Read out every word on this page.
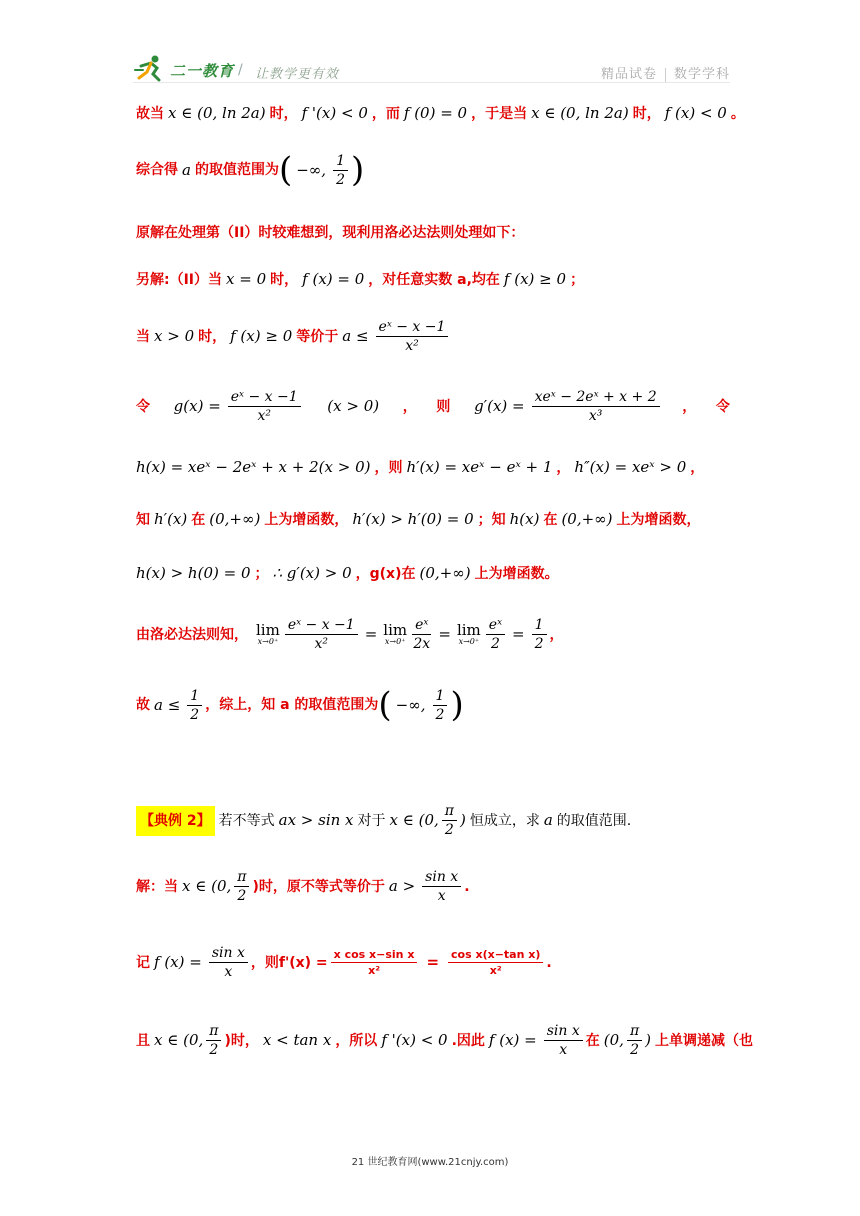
二一教育 / 让教学更有效	精品试卷 数学学科
故当 x ∈ (0, ln 2a) 时， f '(x) < 0 ，而 f (0) = 0 ，于是当 x ∈ (0, ln 2a) 时， f (x) < 0 。
综合得 a 的取值范围为 ( −∞, $\frac{1}{2}$ )
原解在处理第（II）时较难想到，现利用洛必达法则处理如下：
另解:（II）当 x = 0 时， f (x) = 0 ，对任意实数 a,均在 f (x) ≥ 0 ；
当 x > 0 时， f (x) ≥ 0 等价于 $a \le \frac{\text{eˣ − x −1}}{\text{x²}}$
令 $g(x) = \frac{\text{eˣ − x −1}}{\text{x²}} (x > 0)$ ， 则 $g'(x) = \frac{\text{xeˣ − 2eˣ + x + 2}}{\text{x³}}$ ， 令
h(x) = xeˣ − 2eˣ + x + 2(x > 0) ，则 h′(x) = xeˣ − eˣ + 1 ， h″(x) = xeˣ > 0 ，
知 h′(x) 在 (0,+∞) 上为增函数， h′(x) > h′(0) = 0 ；知 h(x) 在 (0,+∞) 上为增函数，
h(x) > h(0) = 0 ； ∴ g′(x) > 0 ， g(x)在 (0,+∞) 上为增函数。
由洛必达法则知， lim
$x\to 0^+ \frac{\text{eˣ − x −1}}{\text{x²}} = \lim$
$x\to 0^+ \frac{\text{eˣ}}{2x} = \lim$
$x\to 0^+ \frac{\text{eˣ}}{2} = \frac{1}{2}$ ，
故 $a \le \frac{1}{2}$ ，综上，知 a 的取值范围为 ( −∞, $\frac{1}{2}$ )
【典例 2】 若不等式 ax > sin x 对于 x ∈ (0, $\frac{\pi}{2}$ ) 恒成立，求 a 的取值范围.
解：当 x ∈ (0, $\frac{\pi}{2}$ )时，原不等式等价于 $a > \frac{\text{sin x}}{x}$ .
记 f $(x) = \frac{\text{sin x}}{x}$ ，则$f'(x) = \frac{\text{x cos x−sin x}}{\text{x²}} = \frac{\text{cos x(x−tan x)}}{\text{x²}}$ .
且 x ∈ (0, $\frac{\pi}{2}$ )时， x < tan x ，所以 f '(x) < 0 .因此 f $(x) = \frac{\text{sin x}}{x}$ 在 (0, $\frac{\pi}{2}$ ) 上单调递减（也
21 世纪教育网(www.21cnjy.com)
